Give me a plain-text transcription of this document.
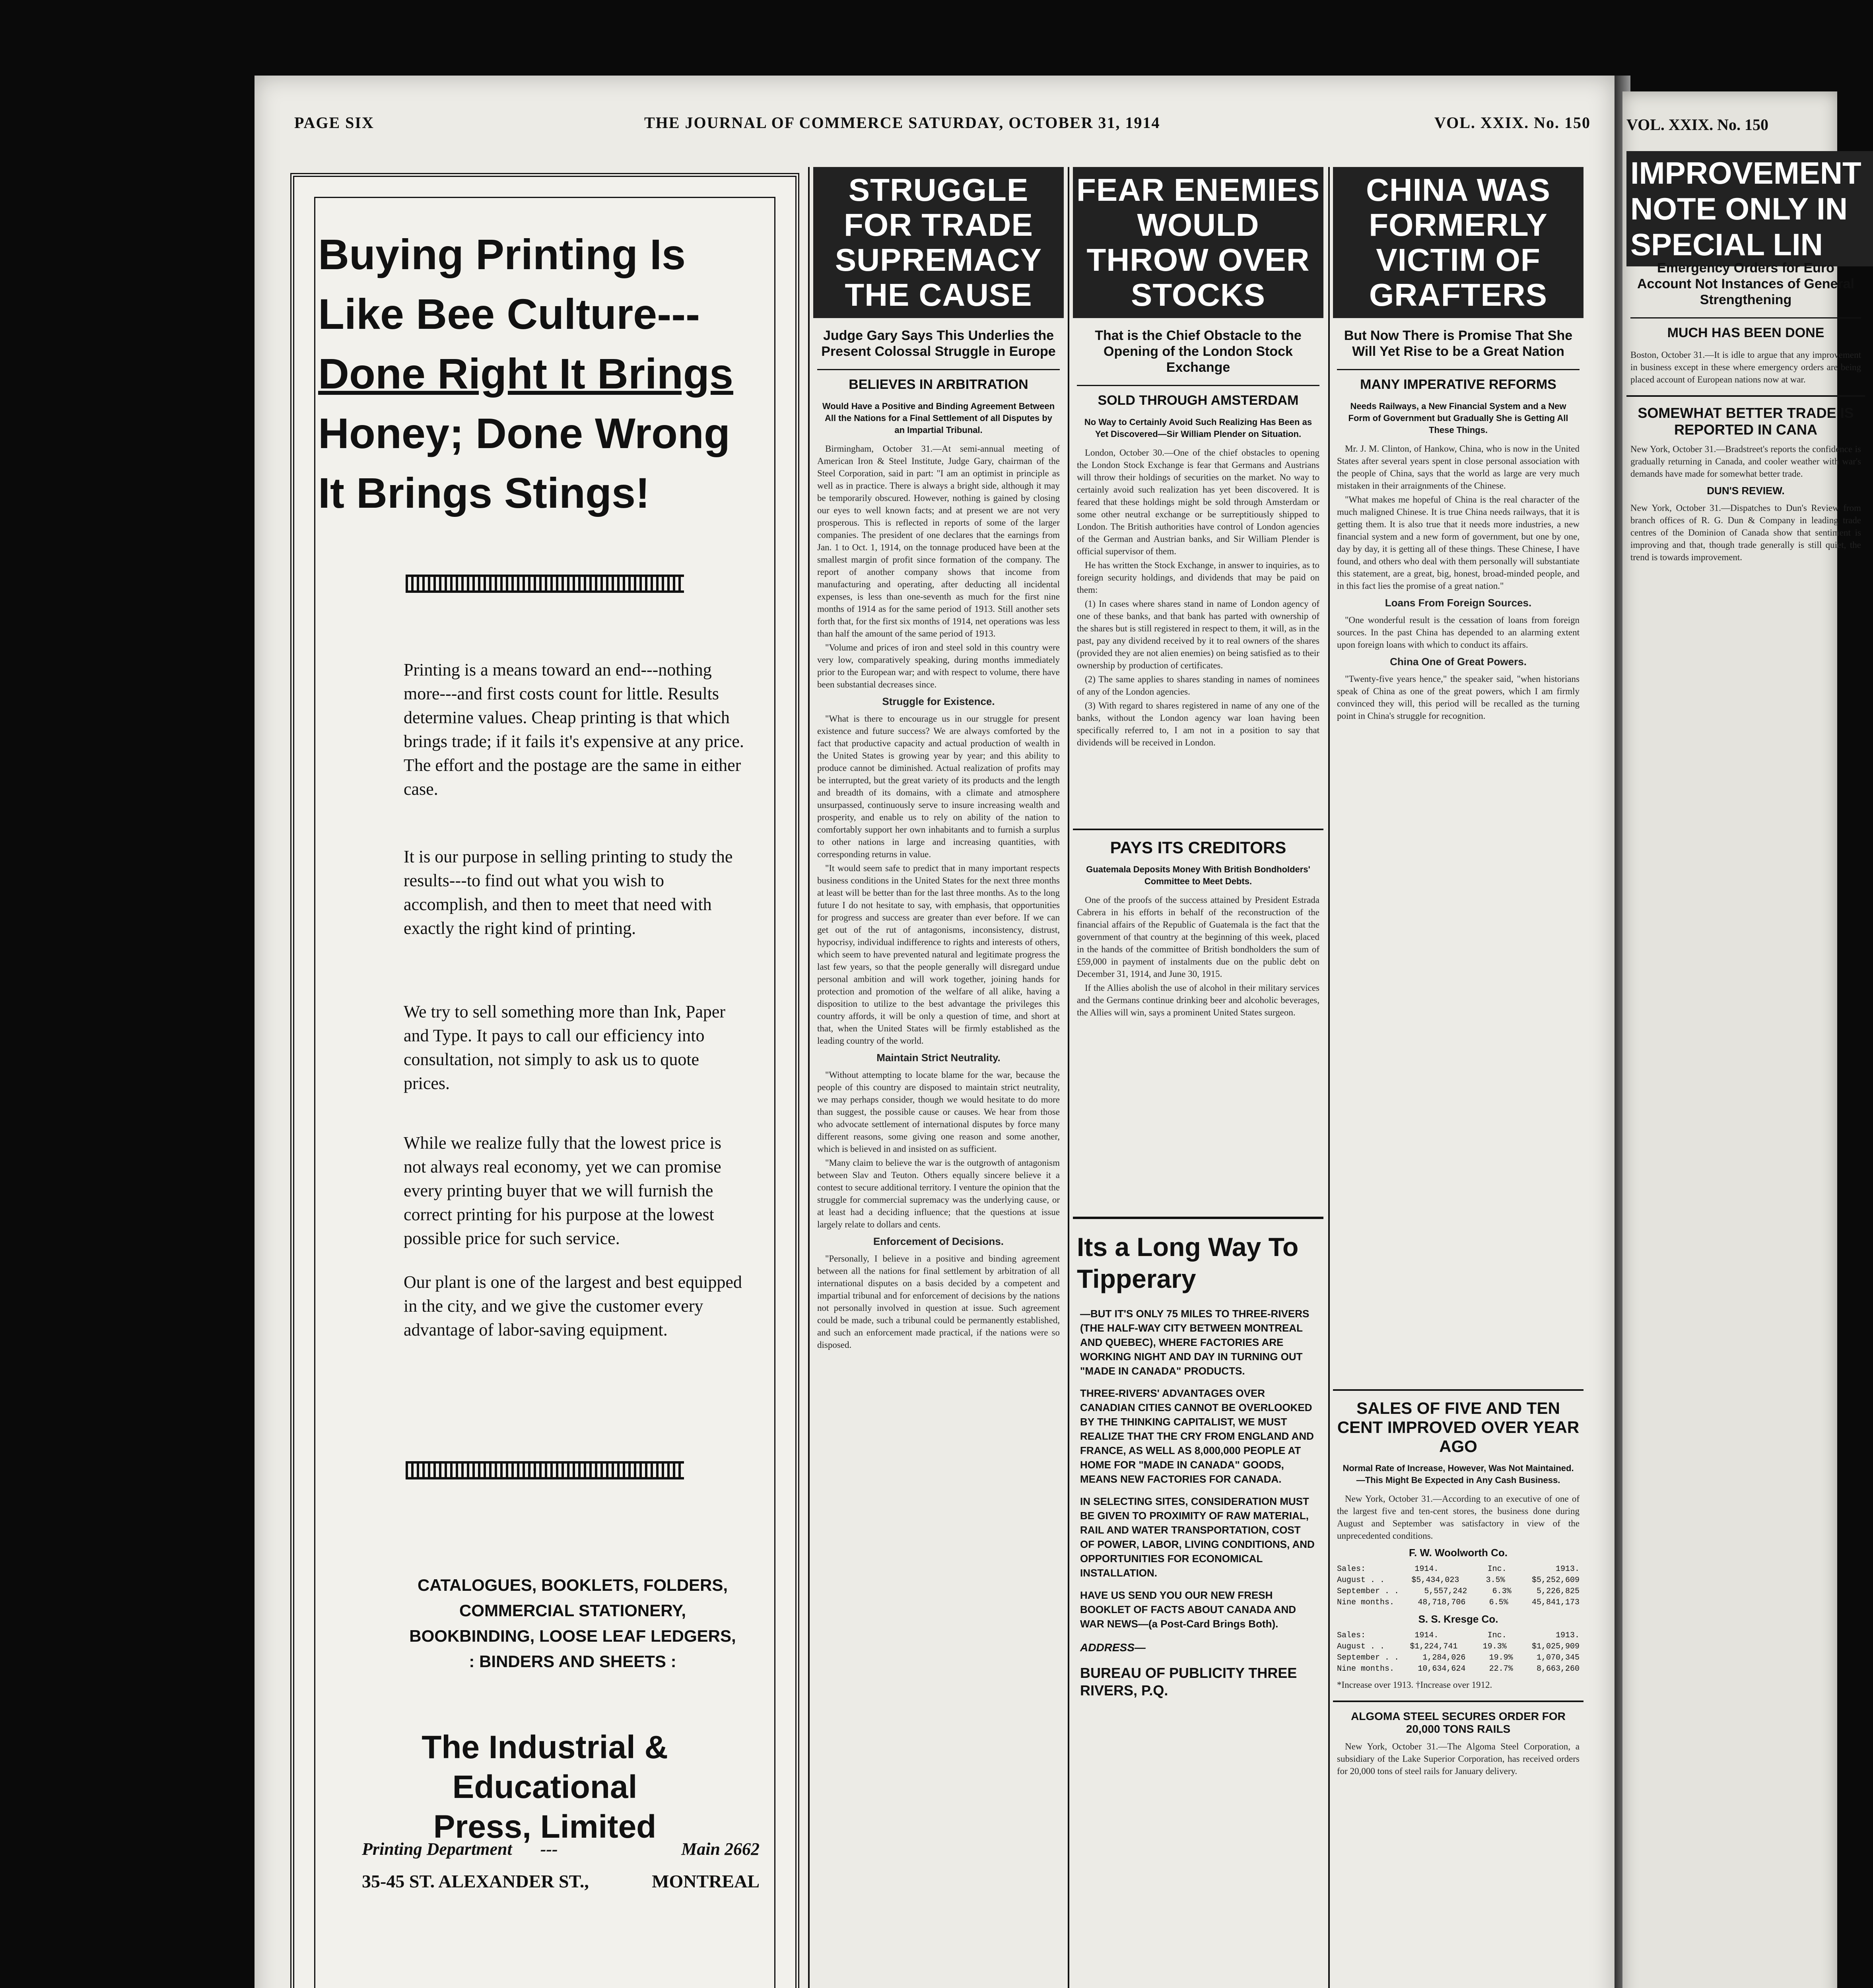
PAGE SIX	THE JOURNAL OF COMMERCE SATURDAY, OCTOBER 31, 1914	VOL. XXIX. No. 150
Buying Printing Is
Like Bee Culture---
Done Right It Brings
Honey; Done Wrong
It Brings Stings!
Printing is a means toward an end---nothing more---and first costs count for little. Results determine values. Cheap printing is that which brings trade; if it fails it's expensive at any price. The effort and the postage are the same in either case.
It is our purpose in selling printing to study the results---to find out what you wish to accomplish, and then to meet that need with exactly the right kind of printing.
We try to sell something more than Ink, Paper and Type. It pays to call our efficiency into consultation, not simply to ask us to quote prices.
While we realize fully that the lowest price is not always real economy, yet we can promise every printing buyer that we will furnish the correct printing for his purpose at the lowest possible price for such service.
Our plant is one of the largest and best equipped in the city, and we give the customer every advantage of labor-saving equipment.
CATALOGUES, BOOKLETS, FOLDERS,
COMMERCIAL STATIONERY,
BOOKBINDING, LOOSE LEAF LEDGERS,
: BINDERS AND SHEETS :
The Industrial & Educational
Press, Limited
Printing Department ---	Main 2662
35-45 ST. ALEXANDER ST.,	MONTREAL
STRUGGLE FOR TRADE SUPREMACY THE CAUSE
Judge Gary Says This Underlies the Present Colossal Struggle in Europe
BELIEVES IN ARBITRATION
Would Have a Positive and Binding Agreement Between All the Nations for a Final Settlement of all Disputes by an Impartial Tribunal.

Birmingham, October 31.—At semi-annual meeting of American Iron & Steel Institute, Judge Gary, chairman of the Steel Corporation, said in part: "I am an optimist in principle as well as in practice. There is always a bright side, although it may be temporarily obscured. However, nothing is gained by closing our eyes to well known facts; and at present we are not very prosperous. This is reflected in reports of some of the larger companies. The president of one declares that the earnings from Jan. 1 to Oct. 1, 1914, on the tonnage produced have been at the smallest margin of profit since formation of the company. The report of another company shows that income from manufacturing and operating, after deducting all incidental expenses, is less than one-seventh as much for the first nine months of 1914 as for the same period of 1913. Still another sets forth that, for the first six months of 1914, net operations was less than half the amount of the same period of 1913.

"Volume and prices of iron and steel sold in this country were very low, comparatively speaking, during months immediately prior to the European war; and with respect to volume, there have been substantial decreases since.

Struggle for Existence.

"What is there to encourage us in our struggle for present existence and future success? We are always comforted by the fact that productive capacity and actual production of wealth in the United States is growing year by year; and this ability to produce cannot be diminished. Actual realization of profits may be interrupted, but the great variety of its products and the length and breadth of its domains, with a climate and atmosphere unsurpassed, continuously serve to insure increasing wealth and prosperity, and enable us to rely on ability of the nation to comfortably support her own inhabitants and to furnish a surplus to other nations in large and increasing quantities, with corresponding returns in value.

"It would seem safe to predict that in many important respects business conditions in the United States for the next three months at least will be better than for the last three months. As to the long future I do not hesitate to say, with emphasis, that opportunities for progress and success are greater than ever before. If we can get out of the rut of antagonisms, inconsistency, distrust, hypocrisy, individual indifference to rights and interests of others, which seem to have prevented natural and legitimate progress the last few years, so that the people generally will disregard undue personal ambition and will work together, joining hands for protection and promotion of the welfare of all alike, having a disposition to utilize to the best advantage the privileges this country affords, it will be only a question of time, and short at that, when the United States will be firmly established as the leading country of the world.

Maintain Strict Neutrality.

"Without attempting to locate blame for the war, because the people of this country are disposed to maintain strict neutrality, we may perhaps consider, though we would hesitate to do more than suggest, the possible cause or causes. We hear from those who advocate settlement of international disputes by force many different reasons, some giving one reason and some another, which is believed in and insisted on as sufficient.

"Many claim to believe the war is the outgrowth of antagonism between Slav and Teuton. Others equally sincere believe it a contest to secure additional territory. I venture the opinion that the struggle for commercial supremacy was the underlying cause, or at least had a deciding influence; that the questions at issue largely relate to dollars and cents.

Enforcement of Decisions.

"Personally, I believe in a positive and binding agreement between all the nations for final settlement by arbitration of all international disputes on a basis decided by a competent and impartial tribunal and for enforcement of decisions by the nations not personally involved in question at issue. Such agreement could be made, such a tribunal could be permanently established, and such an enforcement made practical, if the nations were so disposed.

FEAR ENEMIES WOULD THROW OVER STOCKS
That is the Chief Obstacle to the Opening of the London Stock Exchange
SOLD THROUGH AMSTERDAM
No Way to Certainly Avoid Such Realizing Has Been as Yet Discovered—Sir William Plender on Situation.

London, October 30.—One of the chief obstacles to opening the London Stock Exchange is fear that Germans and Austrians will throw their holdings of securities on the market. No way to certainly avoid such realization has yet been discovered. It is feared that these holdings might be sold through Amsterdam or some other neutral exchange or be surreptitiously shipped to London. The British authorities have control of London agencies of the German and Austrian banks, and Sir William Plender is official supervisor of them.

He has written the Stock Exchange, in answer to inquiries, as to foreign security holdings, and dividends that may be paid on them:

(1) In cases where shares stand in name of London agency of one of these banks, and that bank has parted with ownership of the shares but is still registered in respect to them, it will, as in the past, pay any dividend received by it to real owners of the shares (provided they are not alien enemies) on being satisfied as to their ownership by production of certificates.

(2) The same applies to shares standing in names of nominees of any of the London agencies.

(3) With regard to shares registered in name of any one of the banks, without the London agency war loan having been specifically referred to, I am not in a position to say that dividends will be received in London.

PAYS ITS CREDITORS
Guatemala Deposits Money With British Bondholders' Committee to Meet Debts.

One of the proofs of the success attained by President Estrada Cabrera in his efforts in behalf of the reconstruction of the financial affairs of the Republic of Guatemala is the fact that the government of that country at the beginning of this week, placed in the hands of the committee of British bondholders the sum of £59,000 in payment of instalments due on the public debt on December 31, 1914, and June 30, 1915.

If the Allies abolish the use of alcohol in their military services and the Germans continue drinking beer and alcoholic beverages, the Allies will win, says a prominent United States surgeon.

Its a Long Way To Tipperary
—BUT IT'S ONLY 75 MILES TO THREE-RIVERS (THE HALF-WAY CITY BETWEEN MONTREAL AND QUEBEC), WHERE FACTORIES ARE WORKING NIGHT AND DAY IN TURNING OUT "MADE IN CANADA" PRODUCTS.
THREE-RIVERS' ADVANTAGES OVER CANADIAN CITIES CANNOT BE OVERLOOKED BY THE THINKING CAPITALIST, WE MUST REALIZE THAT THE CRY FROM ENGLAND AND FRANCE, AS WELL AS 8,000,000 PEOPLE AT HOME FOR "MADE IN CANADA" GOODS, MEANS NEW FACTORIES FOR CANADA.
IN SELECTING SITES, CONSIDERATION MUST BE GIVEN TO PROXIMITY OF RAW MATERIAL, RAIL AND WATER TRANSPORTATION, COST OF POWER, LABOR, LIVING CONDITIONS, AND OPPORTUNITIES FOR ECONOMICAL INSTALLATION.
HAVE US SEND YOU OUR NEW FRESH BOOKLET OF FACTS ABOUT CANADA AND WAR NEWS—(a Post-Card Brings Both).
ADDRESS—
BUREAU OF PUBLICITY THREE RIVERS, P.Q.
CHINA WAS FORMERLY VICTIM OF GRAFTERS
But Now There is Promise That She Will Yet Rise to be a Great Nation
MANY IMPERATIVE REFORMS
Needs Railways, a New Financial System and a New Form of Government but Gradually She is Getting All These Things.

Mr. J. M. Clinton, of Hankow, China, who is now in the United States after several years spent in close personal association with the people of China, says that the world as large are very much mistaken in their arraignments of the Chinese.

"What makes me hopeful of China is the real character of the much maligned Chinese. It is true China needs railways, that it is getting them. It is also true that it needs more industries, a new financial system and a new form of government, but one by one, day by day, it is getting all of these things. These Chinese, I have found, and others who deal with them personally will substantiate this statement, are a great, big, honest, broad-minded people, and in this fact lies the promise of a great nation."

Loans From Foreign Sources.

"One wonderful result is the cessation of loans from foreign sources. In the past China has depended to an alarming extent upon foreign loans with which to conduct its affairs.

China One of Great Powers.

"Twenty-five years hence," the speaker said, "when historians speak of China as one of the great powers, which I am firmly convinced they will, this period will be recalled as the turning point in China's struggle for recognition.

SALES OF FIVE AND TEN CENT IMPROVED OVER YEAR AGO
Normal Rate of Increase, However, Was Not Maintained.—This Might Be Expected in Any Cash Business.

New York, October 31.—According to an executive of one of the largest five and ten-cent stores, the business done during August and September was satisfactory in view of the unprecedented conditions.

F. W. Woolworth Co.
Sales:	1914.	Inc.	1913.
August . .	$5,434,023	3.5%	$5,252,609
September . .	5,557,242	6.3%	5,226,825
Nine months.	48,718,706	6.5%	45,841,173
S. S. Kresge Co.
Sales:	1914.	Inc.	1913.
August . .	$1,224,741	19.3%	$1,025,909
September . .	1,284,026	19.9%	1,070,345
Nine months.	10,634,624	22.7%	8,663,260
*Increase over 1913. †Increase over 1912.
ALGOMA STEEL SECURES ORDER FOR 20,000 TONS RAILS

New York, October 31.—The Algoma Steel Corporation, a subsidiary of the Lake Superior Corporation, has received orders for 20,000 tons of steel rails for January delivery.

VOL. XXIX. No. 150
IMPROVEMENT NOTE ONLY IN SPECIAL LIN
Emergency Orders for Euro Account Not Instances of General Strengthening
MUCH HAS BEEN DONE
Boston, October 31.—It is idle to argue that any improvement in business except in these where emergency orders are being placed account of European nations now at war.
SOMEWHAT BETTER TRADE IS REPORTED IN CANA
New York, October 31.—Bradstreet's reports the confidence is gradually returning in Canada, and cooler weather with war's demands have made for somewhat better trade.
DUN'S REVIEW.
New York, October 31.—Dispatches to Dun's Review from branch offices of R. G. Dun & Company in leading trade centres of the Dominion of Canada show that sentiment is improving and that, though trade generally is still quiet, the trend is towards improvement.
